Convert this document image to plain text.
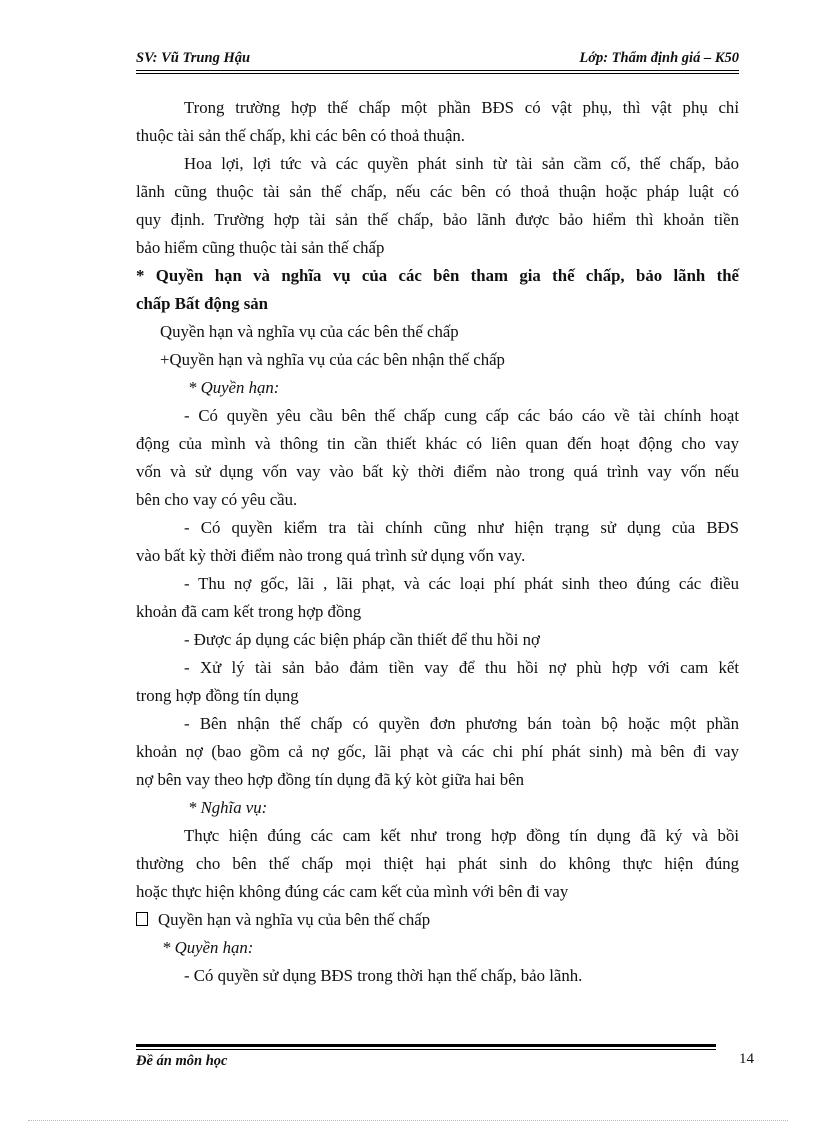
SV: Vũ Trung Hậu	Lớp: Thẩm định giá – K50
Trong trường hợp thế chấp một phần BĐS có vật phụ, thì vật phụ chỉ
thuộc tài sản thế chấp, khi các bên có thoả thuận.
Hoa lợi, lợi tức và các quyền phát sinh từ tài sản cầm cố, thế chấp, bảo
lãnh cũng thuộc tài sản thế chấp, nếu các bên có thoả thuận hoặc pháp luật có
quy định. Trường hợp tài sản thế chấp, bảo lãnh được bảo hiểm thì khoản tiền
bảo hiểm cũng thuộc tài sản thế chấp
* Quyền hạn và nghĩa vụ của các bên tham gia thế chấp, bảo lãnh thế
chấp Bất động sản
Quyền hạn và nghĩa vụ của các bên thế chấp
+Quyền hạn và nghĩa vụ của các bên nhận thế chấp
* Quyền hạn:
- Có quyền yêu cầu bên thế chấp cung cấp các báo cáo về tài chính hoạt
động của mình và thông tin cần thiết khác có liên quan đến hoạt động cho vay
vốn và sử dụng vốn vay vào bất kỳ thời điểm nào trong quá trình vay vốn nếu
bên cho vay có yêu cầu.
- Có quyền kiểm tra tài chính cũng như hiện trạng sử dụng của BĐS
vào bất kỳ thời điểm nào trong quá trình sử dụng vốn vay.
- Thu nợ gốc, lãi , lãi phạt, và các loại phí phát sinh theo đúng các điều
khoản đã cam kết trong hợp đồng
- Được áp dụng các biện pháp cần thiết để thu hồi nợ
- Xử lý tài sản bảo đảm tiền vay để thu hồi nợ phù hợp với cam kết
trong hợp đồng tín dụng
- Bên nhận thế chấp có quyền đơn phương bán toàn bộ hoặc một phần
khoản nợ (bao gồm cả nợ gốc, lãi phạt và các chi phí phát sinh) mà bên đi vay
nợ bên vay theo hợp đồng tín dụng đã ký kòt giữa hai bên
* Nghĩa vụ:
Thực hiện đúng các cam kết như trong hợp đồng tín dụng đã ký và bồi
thường cho bên thế chấp mọi thiệt hại phát sinh do không thực hiện đúng
hoặc thực hiện không đúng các cam kết của mình với bên đi vay
Quyền hạn và nghĩa vụ của bên thế chấp
* Quyền hạn:
- Có quyền sử dụng BĐS trong thời hạn thế chấp, bảo lãnh.
Đề án môn học	14
